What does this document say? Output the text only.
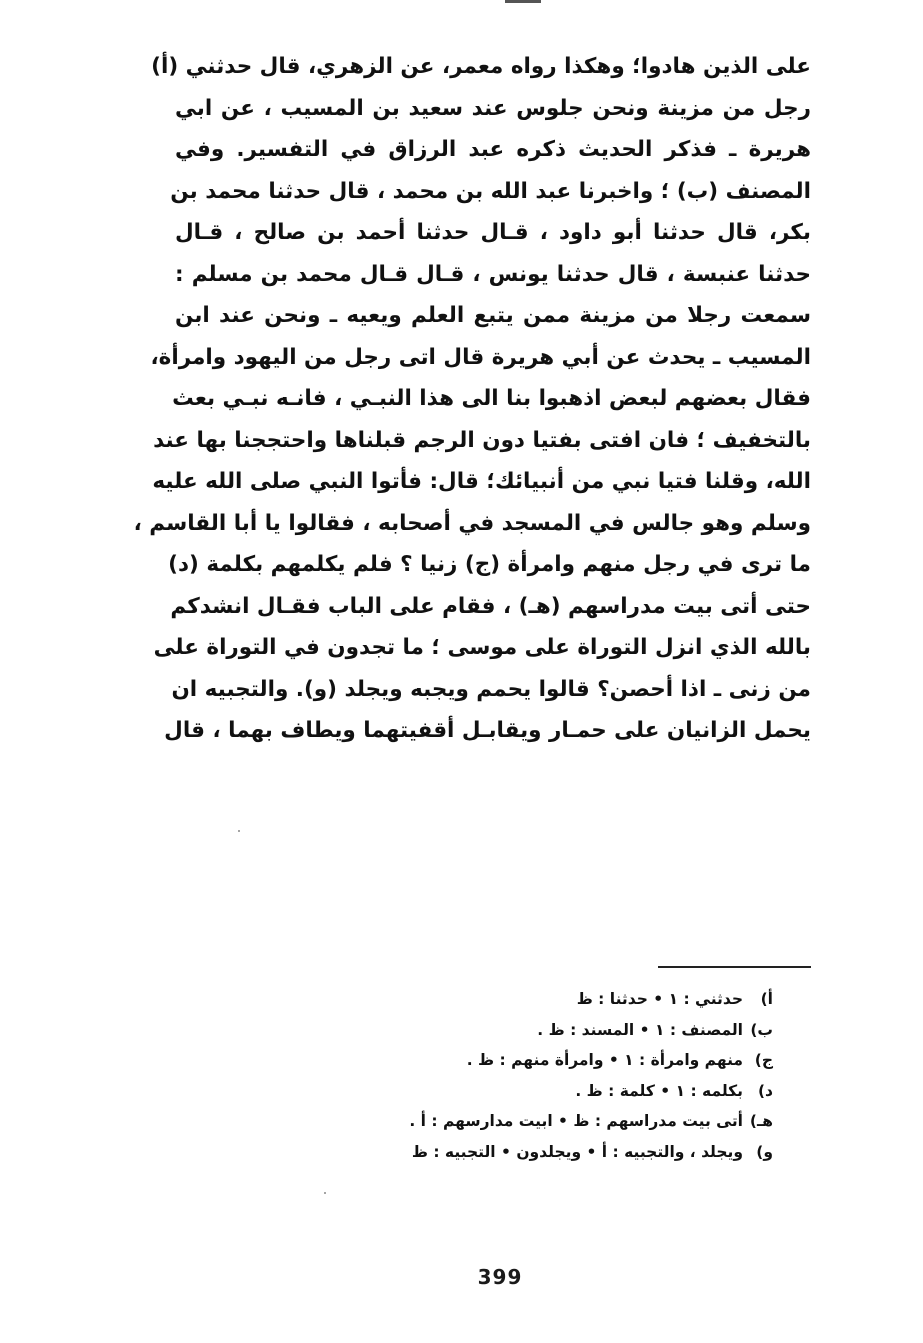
على الذين هادوا؛ وهكذا رواه معمر، عن الزهري، قال حدثني (أ)
رجل من مزينة ونحن جلوس عند سعيد بن المسيب ، عن ابي
هريرة ـ فذكر الحديث ذكره عبد الرزاق في التفسير. وفي
المصنف (ب) ؛ واخبرنا عبد الله بن محمد ، قال حدثنا محمد بن
بكر، قال حدثنا أبو داود ، قـال حدثنا أحمد بن صالح ، قـال
حدثنا عنبسة ، قال حدثنا يونس ، قـال قـال محمد بن مسلم :
سمعت رجلا من مزينة ممن يتبع العلم ويعيه ـ ونحن عند ابن
المسيب ـ يحدث عن أبي هريرة قال اتى رجل من اليهود وامرأة،
فقال بعضهم لبعض اذهبوا بنا الى هذا النبـي ، فانـه نبـي بعث
بالتخفيف ؛ فان افتى بفتيا دون الرجم قبلناها واحتججنا بها عند
الله، وقلنا فتيا نبي من أنبيائك؛ قال: فأتوا النبي صلى الله عليه
وسلم وهو جالس في المسجد في أصحابه ، فقالوا يا أبا القاسم ،
ما ترى في رجل منهم وامرأة (ج) زنيا ؟ فلم يكلمهم بكلمة (د)
حتى أتى بيت مدراسهم (هـ) ، فقام على الباب فقـال انشدكم
بالله الذي انزل التوراة على موسى ؛ ما تجدون في التوراة على
من زنى ـ اذا أحصن؟ قالوا يحمم ويجبه ويجلد (و). والتجبيه ان
يحمل الزانيان على حمـار ويقابـل أقفيتهما ويطاف بهما ، قال
أ)حدثني : ١ • حدثنا : ظ
ب)المصنف : ١ • المسند : ظ .
ج)منهم وامرأة : ١ • وامرأة منهم : ظ .
د)بكلمه : ١ • كلمة : ظ .
هـ)أتى بيت مدراسهم : ظ • ابيت مدارسهم : أ .
و)ويجلد ، والتجبيه : أ • ويجلدون • التجبيه : ظ
399
